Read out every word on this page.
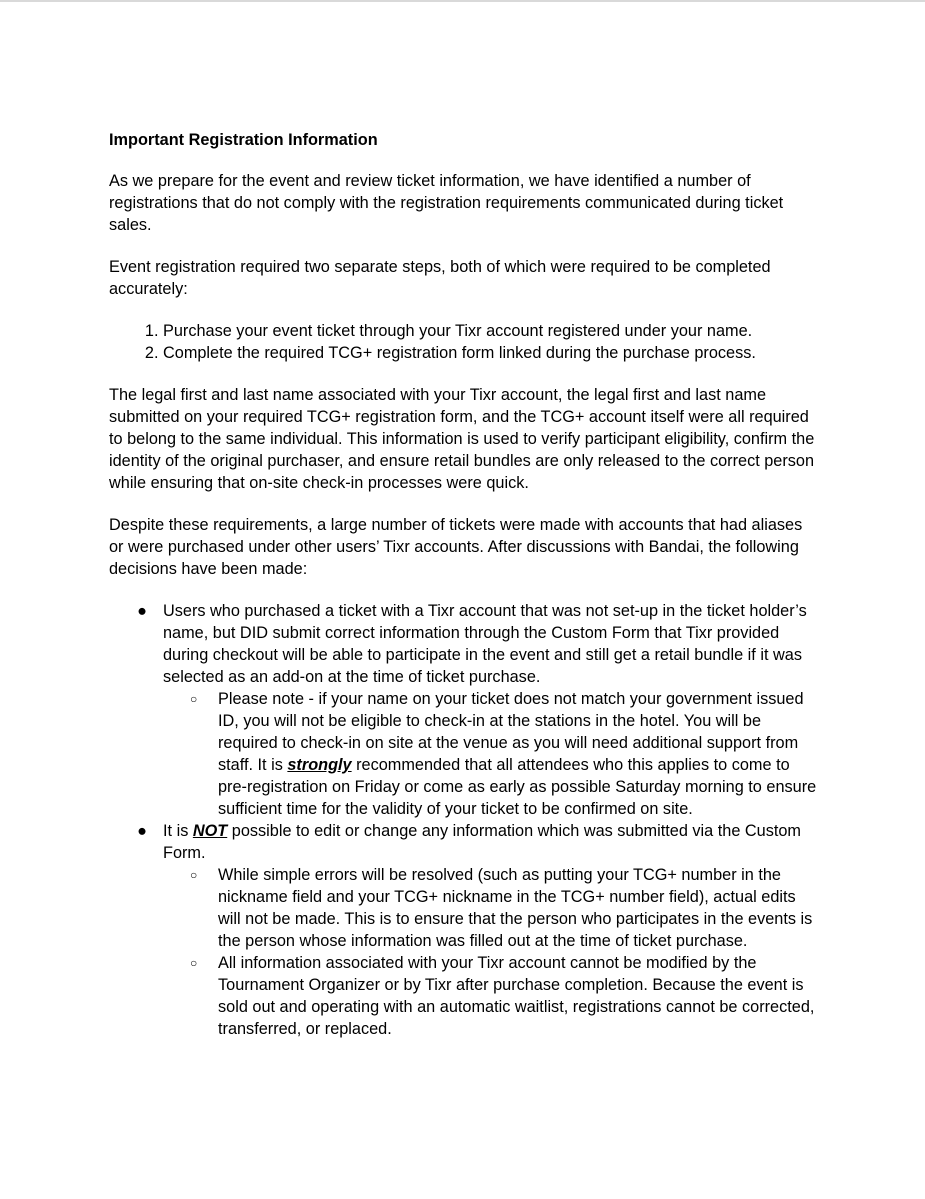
Important Registration Information

As we prepare for the event and review ticket information, we have identified a number of registrations that do not comply with the registration requirements communicated during ticket sales.

Event registration required two separate steps, both of which were required to be completed accurately:

1. Purchase your event ticket through your Tixr account registered under your name.
2. Complete the required TCG+ registration form linked during the purchase process.

The legal first and last name associated with your Tixr account, the legal first and last name submitted on your required TCG+ registration form, and the TCG+ account itself were all required to belong to the same individual. This information is used to verify participant eligibility, confirm the identity of the original purchaser, and ensure retail bundles are only released to the correct person while ensuring that on-site check-in processes were quick.

Despite these requirements, a large number of tickets were made with accounts that had aliases or were purchased under other users’ Tixr accounts. After discussions with Bandai, the following decisions have been made:

● Users who purchased a ticket with a Tixr account that was not set-up in the ticket holder’s name, but DID submit correct information through the Custom Form that Tixr provided during checkout will be able to participate in the event and still get a retail bundle if it was selected as an add-on at the time of ticket purchase.
○ Please note - if your name on your ticket does not match your government issued ID, you will not be eligible to check-in at the stations in the hotel. You will be required to check-in on site at the venue as you will need additional support from staff. It is strongly recommended that all attendees who this applies to come to pre-registration on Friday or come as early as possible Saturday morning to ensure sufficient time for the validity of your ticket to be confirmed on site.
● It is NOT possible to edit or change any information which was submitted via the Custom Form.
○ While simple errors will be resolved (such as putting your TCG+ number in the nickname field and your TCG+ nickname in the TCG+ number field), actual edits will not be made. This is to ensure that the person who participates in the events is the person whose information was filled out at the time of ticket purchase.
○ All information associated with your Tixr account cannot be modified by the Tournament Organizer or by Tixr after purchase completion. Because the event is sold out and operating with an automatic waitlist, registrations cannot be corrected, transferred, or replaced.
